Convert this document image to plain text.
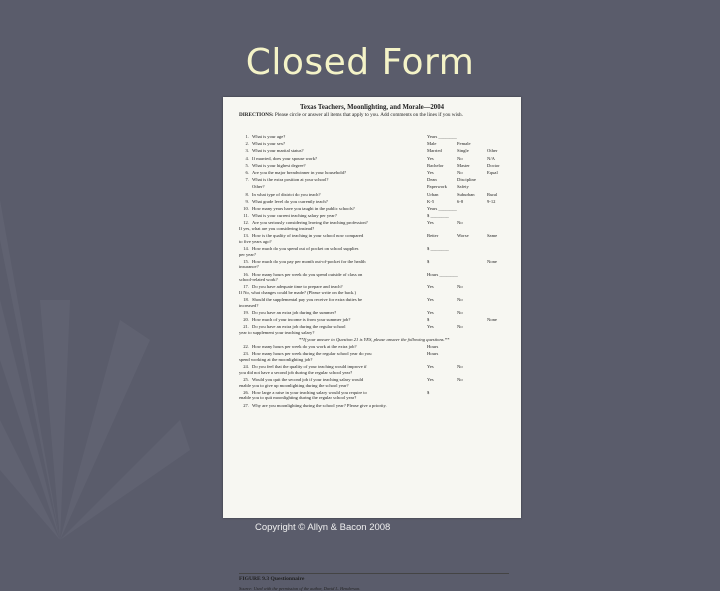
Closed Form
Texas Teachers, Moonlighting, and Morale—2004
DIRECTIONS: Please circle or answer all items that apply to you. Add comments on the lines if you wish.
1. What is your age?	Years ________
2. What is your sex?	Male	Female
3. What is your marital status?	Married	Single	Other
4. If married, does your spouse work?	Yes	No	N/A
5. What is your highest degree?	Bachelor	Master	Doctor
6. Are you the major breadwinner in your household?	Yes	No	Equal
7. What is the extra position at your school?	Dean	Discipline
Other?	Paperwork	Safety
8. In what type of district do you teach?	Urban	Suburban	Rural
9. What grade level do you currently teach?	K-5	6-8	9-12
10. How many years have you taught in the public schools?	Years ________
11. What is your current teaching salary per year?	$ ________
12. Are you seriously considering leaving the teaching profession?
If yes, what are you considering instead?
Yes	No
13. How is the quality of teaching in your school now compared
to five years ago?
Better	Worse	Same
14. How much do you spend out of pocket on school supplies
per year?
$ ________
15. How much do you pay per month out-of-pocket for the health
insurance?
$	None
16. How many hours per week do you spend outside of class on
school-related work?
Hours ________
17. Do you have adequate time to prepare and teach?
If No, what changes could be made? (Please write on the back.)
Yes	No
18. Should the supplemental pay you receive for extra duties be
increased?
Yes	No
19. Do you have an extra job during the summer?	Yes	No
20. How much of your income is from your summer job?	$	None
21. Do you have an extra job during the regular school
year to supplement your teaching salary?
Yes	No
22. How many hours per week do you work at the extra job?	Hours
23. How many hours per week during the regular school year do you
spend working at the moonlighting job?
Hours
24. Do you feel that the quality of your teaching would improve if
you did not have a second job during the regular school year?
Yes	No
25. Would you quit the second job if your teaching salary would
enable you to give up moonlighting during the school year?
Yes	No
26. How large a raise in your teaching salary would you require to
enable you to quit moonlighting during the regular school year?
$
27. Why are you moonlighting during the school year? Please give a priority.
**If your answer to Question 21 is YES, please answer the following questions.**
FIGURE 9.3 Questionnaire
Source: Used with the permission of the author, David L. Henderson.
Copyright © Allyn & Bacon 2008
